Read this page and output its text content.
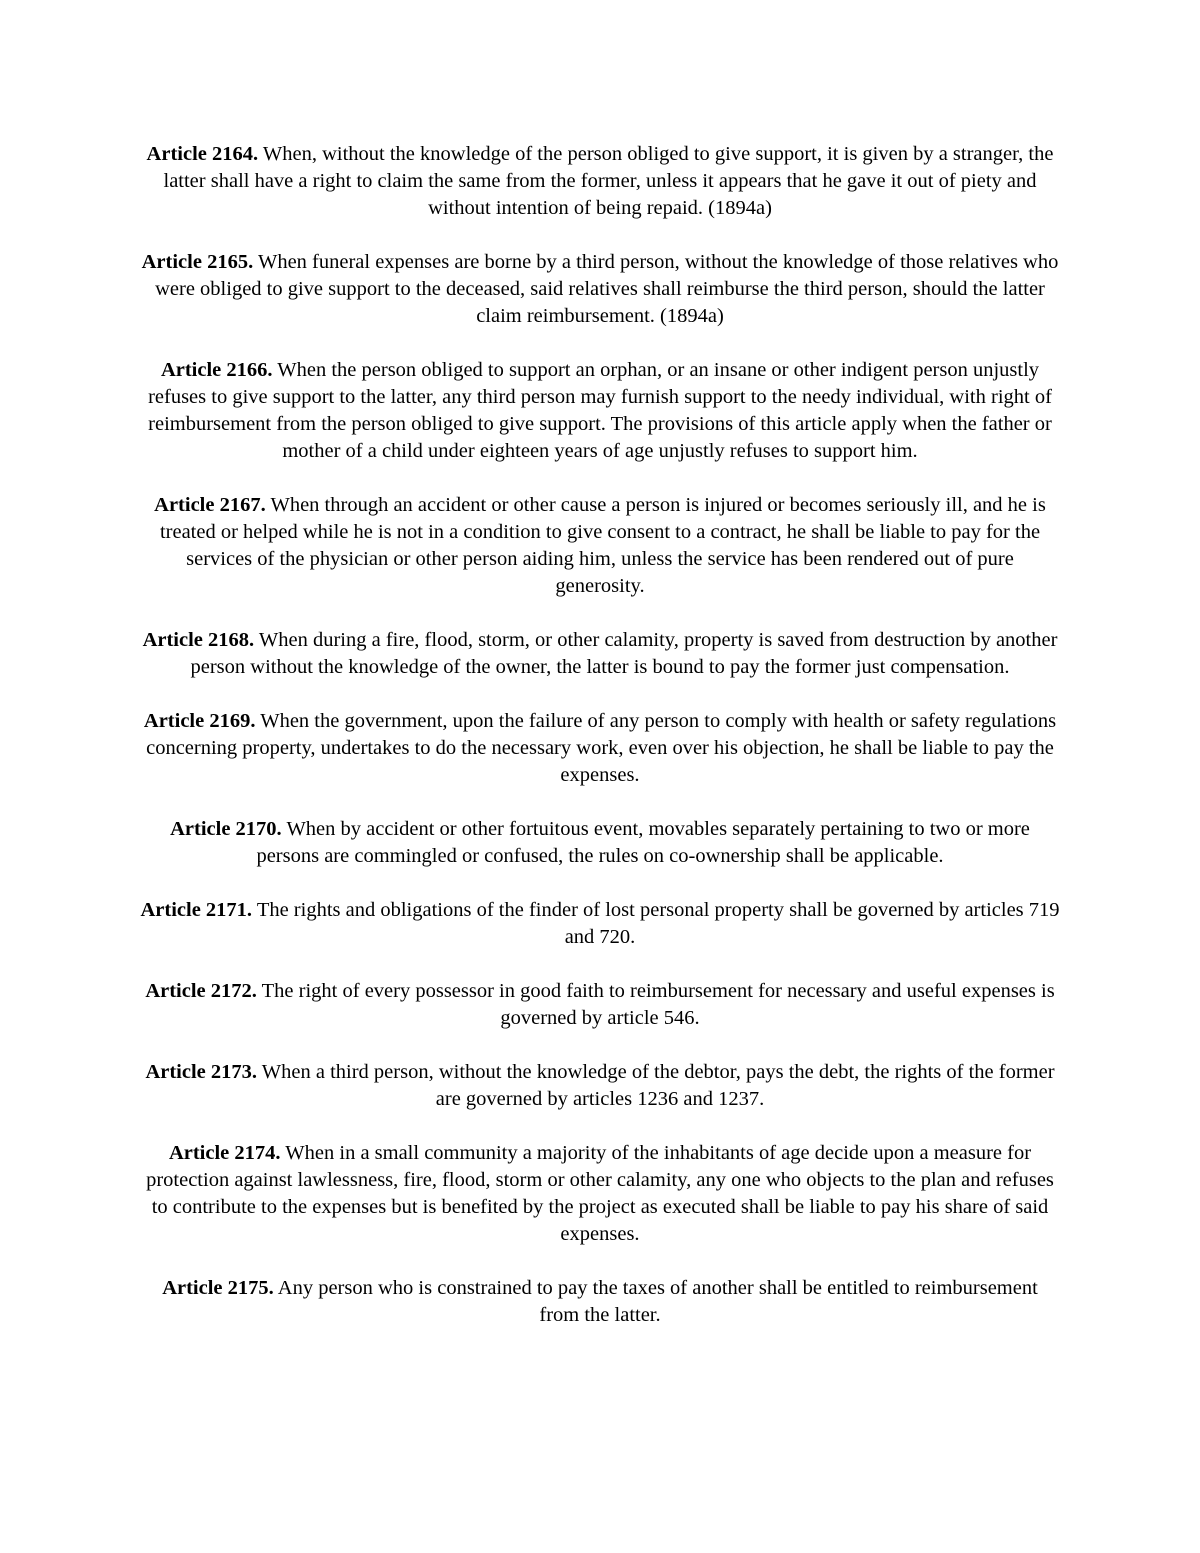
Article 2164. When, without the knowledge of the person obliged to give support, it is given by a stranger, the latter shall have a right to claim the same from the former, unless it appears that he gave it out of piety and without intention of being repaid. (1894a)

Article 2165. When funeral expenses are borne by a third person, without the knowledge of those relatives who were obliged to give support to the deceased, said relatives shall reimburse the third person, should the latter claim reimbursement. (1894a)

Article 2166. When the person obliged to support an orphan, or an insane or other indigent person unjustly refuses to give support to the latter, any third person may furnish support to the needy individual, with right of reimbursement from the person obliged to give support. The provisions of this article apply when the father or mother of a child under eighteen years of age unjustly refuses to support him.

Article 2167. When through an accident or other cause a person is injured or becomes seriously ill, and he is treated or helped while he is not in a condition to give consent to a contract, he shall be liable to pay for the services of the physician or other person aiding him, unless the service has been rendered out of pure generosity.

Article 2168. When during a fire, flood, storm, or other calamity, property is saved from destruction by another person without the knowledge of the owner, the latter is bound to pay the former just compensation.

Article 2169. When the government, upon the failure of any person to comply with health or safety regulations concerning property, undertakes to do the necessary work, even over his objection, he shall be liable to pay the expenses.

Article 2170. When by accident or other fortuitous event, movables separately pertaining to two or more persons are commingled or confused, the rules on co-ownership shall be applicable.

Article 2171. The rights and obligations of the finder of lost personal property shall be governed by articles 719 and 720.

Article 2172. The right of every possessor in good faith to reimbursement for necessary and useful expenses is governed by article 546.

Article 2173. When a third person, without the knowledge of the debtor, pays the debt, the rights of the former are governed by articles 1236 and 1237.

Article 2174. When in a small community a majority of the inhabitants of age decide upon a measure for protection against lawlessness, fire, flood, storm or other calamity, any one who objects to the plan and refuses to contribute to the expenses but is benefited by the project as executed shall be liable to pay his share of said expenses.

Article 2175. Any person who is constrained to pay the taxes of another shall be entitled to reimbursement from the latter.
